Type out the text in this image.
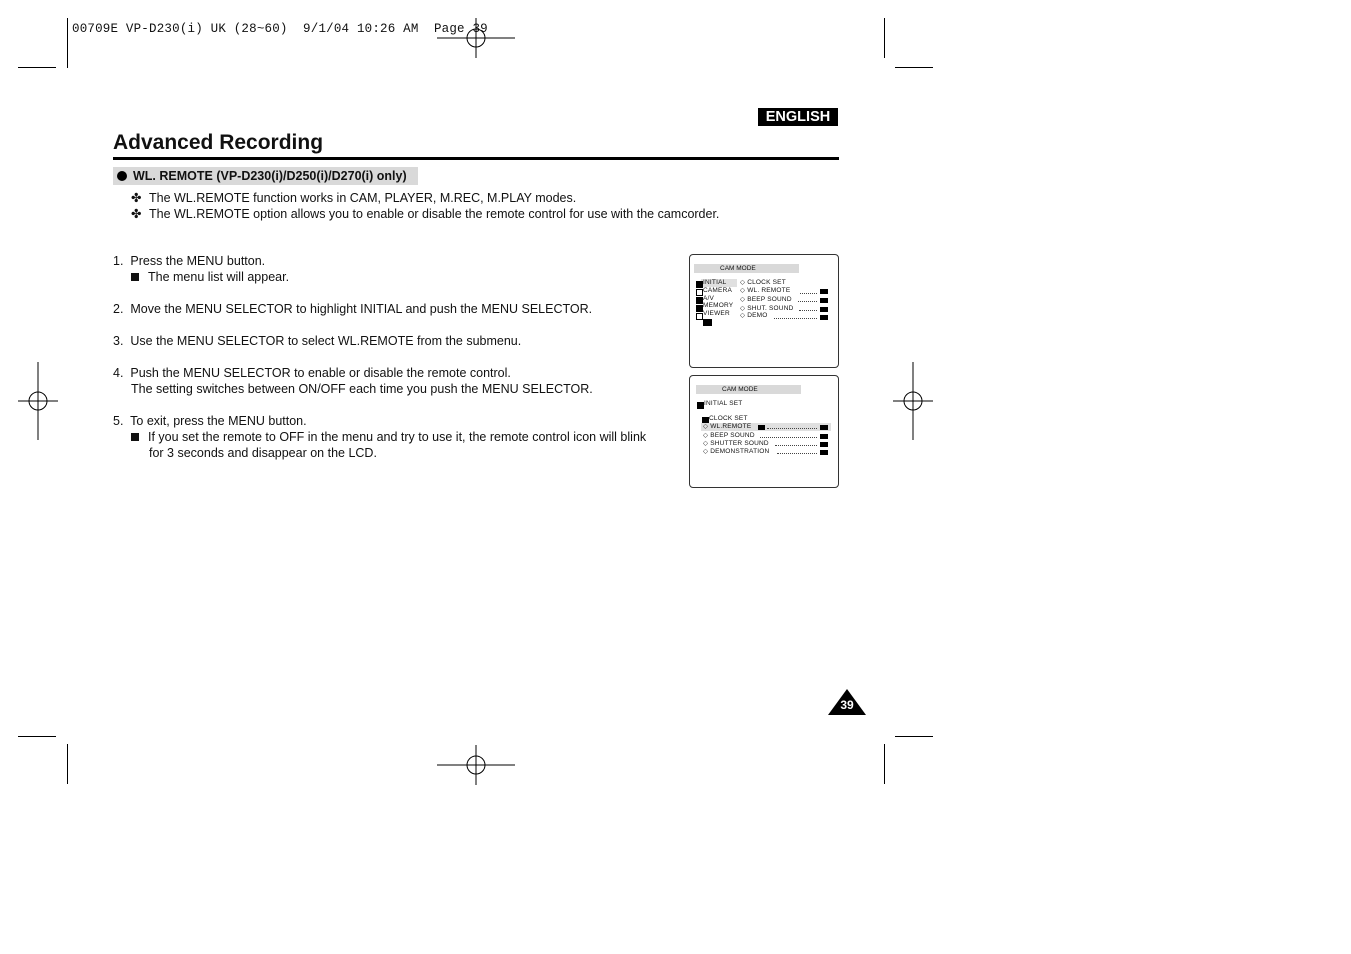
00709E VP-D230(i) UK (28~60)  9/1/04 10:26 AM  Page 39
ENGLISH
Advanced Recording
WL. REMOTE (VP-D230(i)/D250(i)/D270(i) only)
✤ The WL.REMOTE function works in CAM, PLAYER, M.REC, M.PLAY modes.
✤ The WL.REMOTE option allows you to enable or disable the remote control for use with the camcorder.
1.  Press the MENU button.
The menu list will appear.
2.  Move the MENU SELECTOR to highlight INITIAL and push the MENU SELECTOR.
3.  Use the MENU SELECTOR to select WL.REMOTE from the submenu.
4.  Push the MENU SELECTOR to enable or disable the remote control.
The setting switches between ON/OFF each time you push the MENU SELECTOR.
5.  To exit, press the MENU button.
If you set the remote to OFF in the menu and try to use it, the remote control icon will blink
for 3 seconds and disappear on the LCD.
CAM MODE
INITIAL
CAMERA
A/V
MEMORY
VIEWER
◇ CLOCK SET
◇ WL. REMOTE
◇ BEEP SOUND
◇ SHUT. SOUND
◇ DEMO
CAM MODE
INITIAL SET
CLOCK SET
◇ WL.REMOTE
◇ BEEP SOUND
◇ SHUTTER SOUND
◇ DEMONSTRATION
39
